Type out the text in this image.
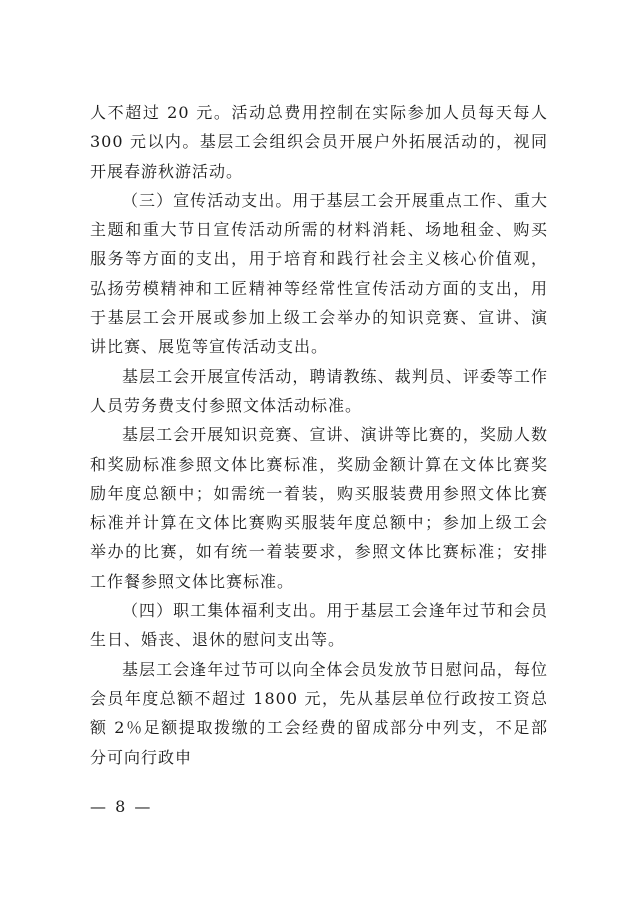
人不超过 20 元。活动总费用控制在实际参加人员每天每人 300 元以内。基层工会组织会员开展户外拓展活动的，视同开展春游秋游活动。

（三）宣传活动支出。用于基层工会开展重点工作、重大主题和重大节日宣传活动所需的材料消耗、场地租金、购买服务等方面的支出，用于培育和践行社会主义核心价值观，弘扬劳模精神和工匠精神等经常性宣传活动方面的支出，用于基层工会开展或参加上级工会举办的知识竞赛、宣讲、演讲比赛、展览等宣传活动支出。

基层工会开展宣传活动，聘请教练、裁判员、评委等工作人员劳务费支付参照文体活动标准。

基层工会开展知识竞赛、宣讲、演讲等比赛的，奖励人数和奖励标准参照文体比赛标准，奖励金额计算在文体比赛奖励年度总额中；如需统一着装，购买服装费用参照文体比赛标准并计算在文体比赛购买服装年度总额中；参加上级工会举办的比赛，如有统一着装要求，参照文体比赛标准；安排工作餐参照文体比赛标准。

（四）职工集体福利支出。用于基层工会逢年过节和会员生日、婚丧、退休的慰问支出等。

基层工会逢年过节可以向全体会员发放节日慰问品，每位会员年度总额不超过 1800 元，先从基层单位行政按工资总额 2％足额提取拨缴的工会经费的留成部分中列支，不足部分可向行政申

— 8 —
